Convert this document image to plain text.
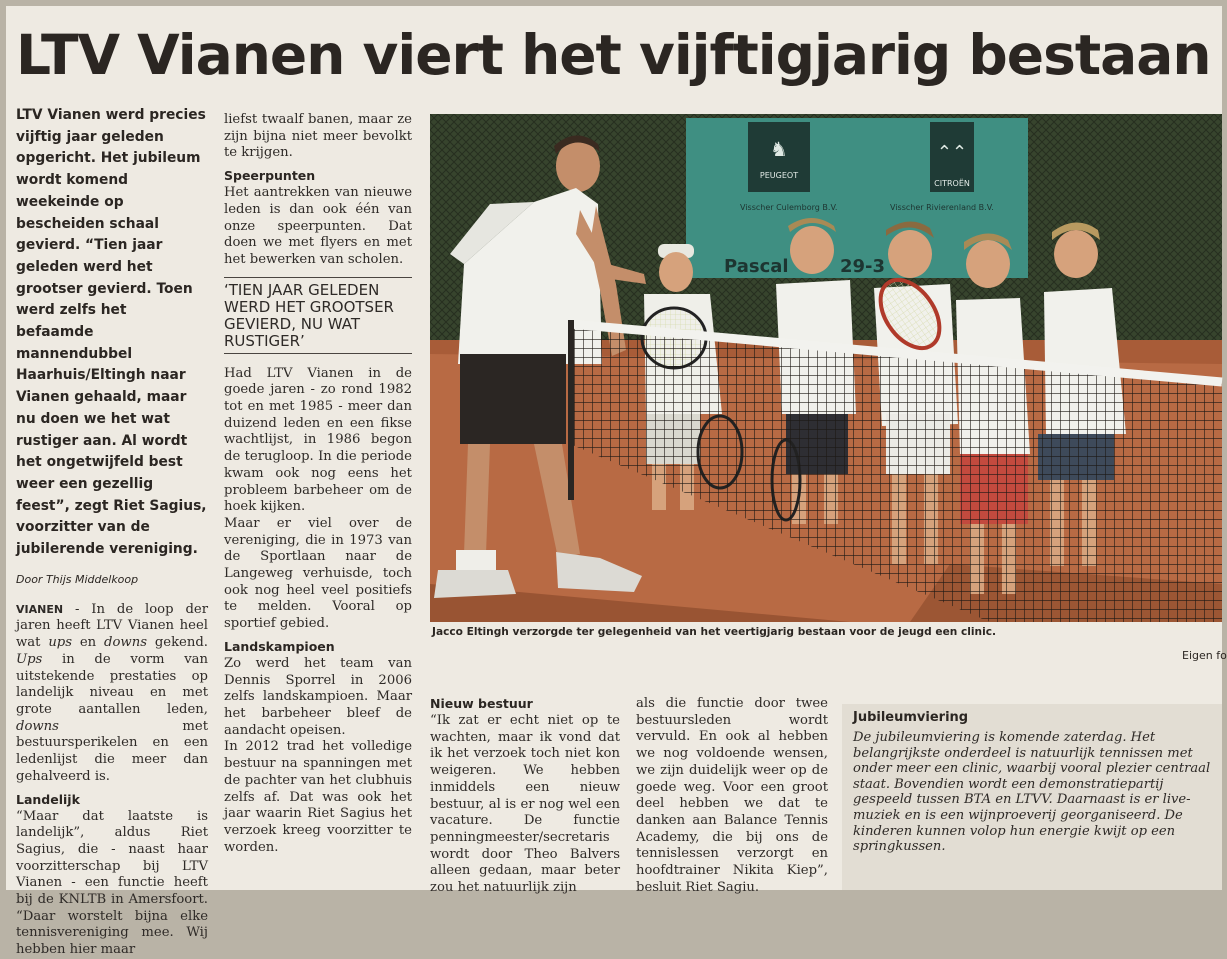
LTV Vianen viert het vijftigjarig bestaan

LTV Vianen werd precies vijftig jaar geleden opgericht. Het jubileum wordt komend weekeinde op bescheiden schaal gevierd. “Tien jaar geleden werd het grootser gevierd. Toen werd zelfs het befaamde mannendubbel Haarhuis/Eltingh naar Vianen gehaald, maar nu doen we het wat rustiger aan. Al wordt het ongetwijfeld best weer een gezellig feest”, zegt Riet Sagius, voorzitter van de jubilerende vereniging.

Door Thijs Middelkoop

VIANEN - In de loop der jaren heeft LTV Vianen heel wat ups en downs gekend. Ups in de vorm van uitstekende prestaties op landelijk niveau en met grote aantallen leden, downs met bestuursperikelen en een ledenlijst die meer dan gehalveerd is.

Landelijk

“Maar dat laatste is landelijk”, aldus Riet Sagius, die - naast haar voorzitterschap bij LTV Vianen - een functie heeft bij de KNLTB in Amersfoort. “Daar worstelt bijna elke tennisvereniging mee. Wij hebben hier maar

liefst twaalf banen, maar ze zijn bijna niet meer bevolkt te krijgen.

Speerpunten

Het aantrekken van nieuwe leden is dan ook één van onze speerpunten. Dat doen we met flyers en met het bewerken van scholen.

‘TIEN JAAR GELEDEN WERD HET GROOTSER GEVIERD, NU WAT RUSTIGER’

Had LTV Vianen in de goede jaren - zo rond 1982 tot en met 1985 - meer dan duizend leden en een fikse wachtlijst, in 1986 begon de terugloop. In die periode kwam ook nog eens het probleem barbeheer om de hoek kijken.

Maar er viel over de vereniging, die in 1973 van de Sportlaan naar de Langeweg verhuisde, toch ook nog heel veel positiefs te melden. Vooral op sportief gebied.

Landskampioen

Zo werd het team van Dennis Sporrel in 2006 zelfs landskampioen. Maar het barbeheer bleef de aandacht opeisen.

In 2012 trad het volledige bestuur na spanningen met de pachter van het clubhuis zelfs af. Dat was ook het jaar waarin Riet Sagius het verzoek kreeg voorzitter te worden.

Nieuw bestuur

“Ik zat er echt niet op te wachten, maar ik vond dat ik het verzoek toch niet kon weigeren. We hebben inmiddels een nieuw bestuur, al is er nog wel een vacature. De functie penningmeester/secretaris wordt door Theo Balvers alleen gedaan, maar beter zou het natuurlijk zijn

als die functie door twee bestuursleden wordt vervuld. En ook al hebben we nog voldoende wensen, we zijn duidelijk weer op de goede weg. Voor een groot deel hebben we dat te danken aan Balance Tennis Academy, die bij ons de tennislessen verzorgt en hoofdtrainer Nikita Kiep”, besluit Riet Sagiu.

♞
PEUGEOT
⌃⌃
CITROËN
Visscher Culemborg B.V.	Visscher Rivierenland B.V.
Pascal	29-3
Jacco Eltingh verzorgde ter gelegenheid van het veertigjarig bestaan voor de jeugd een clinic.
Eigen fo
Jubileumviering

De jubileumviering is komende zaterdag. Het belangrijkste onderdeel is natuurlijk tennissen met onder meer een clinic, waarbij vooral plezier centraal staat. Bovendien wordt een demonstratiepartij gespeeld tussen BTA en LTVV. Daarnaast is er live-muziek en is een wijnproeverij georganiseerd. De kinderen kunnen volop hun energie kwijt op een springkussen.
